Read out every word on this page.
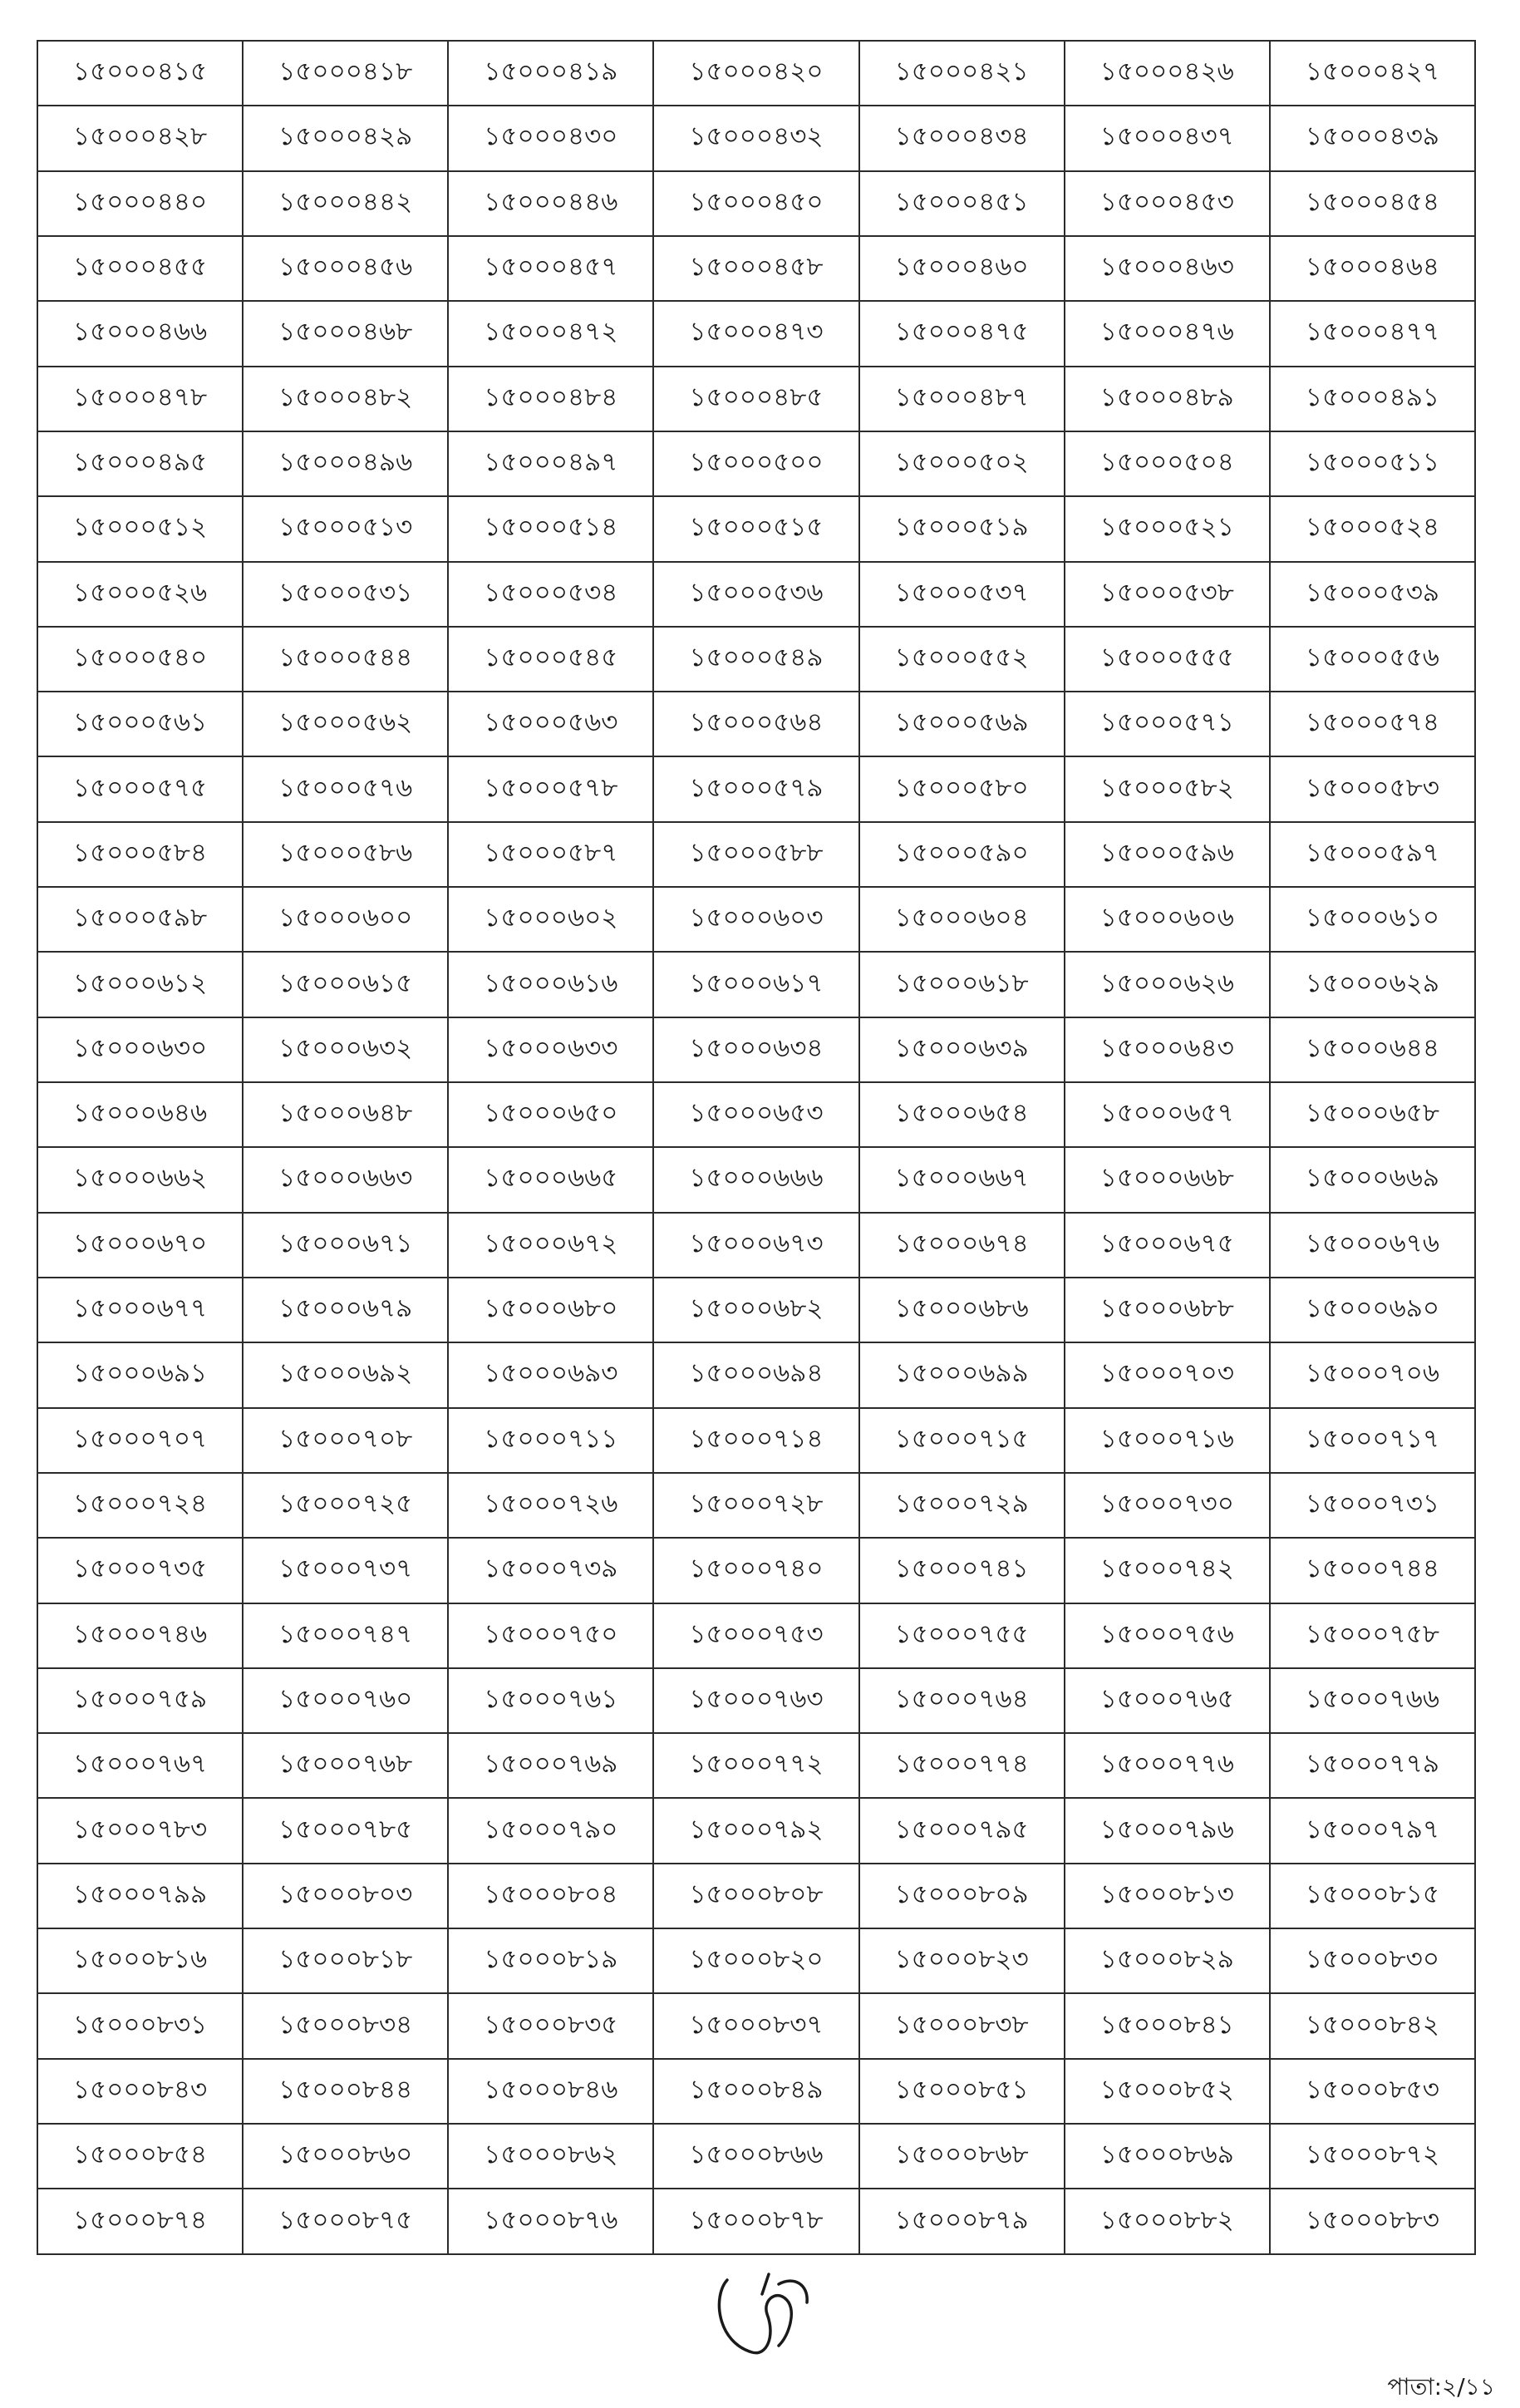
১৫০০০৪১৫	১৫০০০৪১৮	১৫০০০৪১৯	১৫০০০৪২০	১৫০০০৪২১	১৫০০০৪২৬	১৫০০০৪২৭
১৫০০০৪২৮	১৫০০০৪২৯	১৫০০০৪৩০	১৫০০০৪৩২	১৫০০০৪৩৪	১৫০০০৪৩৭	১৫০০০৪৩৯
১৫০০০৪৪০	১৫০০০৪৪২	১৫০০০৪৪৬	১৫০০০৪৫০	১৫০০০৪৫১	১৫০০০৪৫৩	১৫০০০৪৫৪
১৫০০০৪৫৫	১৫০০০৪৫৬	১৫০০০৪৫৭	১৫০০০৪৫৮	১৫০০০৪৬০	১৫০০০৪৬৩	১৫০০০৪৬৪
১৫০০০৪৬৬	১৫০০০৪৬৮	১৫০০০৪৭২	১৫০০০৪৭৩	১৫০০০৪৭৫	১৫০০০৪৭৬	১৫০০০৪৭৭
১৫০০০৪৭৮	১৫০০০৪৮২	১৫০০০৪৮৪	১৫০০০৪৮৫	১৫০০০৪৮৭	১৫০০০৪৮৯	১৫০০০৪৯১
১৫০০০৪৯৫	১৫০০০৪৯৬	১৫০০০৪৯৭	১৫০০০৫০০	১৫০০০৫০২	১৫০০০৫০৪	১৫০০০৫১১
১৫০০০৫১২	১৫০০০৫১৩	১৫০০০৫১৪	১৫০০০৫১৫	১৫০০০৫১৯	১৫০০০৫২১	১৫০০০৫২৪
১৫০০০৫২৬	১৫০০০৫৩১	১৫০০০৫৩৪	১৫০০০৫৩৬	১৫০০০৫৩৭	১৫০০০৫৩৮	১৫০০০৫৩৯
১৫০০০৫৪০	১৫০০০৫৪৪	১৫০০০৫৪৫	১৫০০০৫৪৯	১৫০০০৫৫২	১৫০০০৫৫৫	১৫০০০৫৫৬
১৫০০০৫৬১	১৫০০০৫৬২	১৫০০০৫৬৩	১৫০০০৫৬৪	১৫০০০৫৬৯	১৫০০০৫৭১	১৫০০০৫৭৪
১৫০০০৫৭৫	১৫০০০৫৭৬	১৫০০০৫৭৮	১৫০০০৫৭৯	১৫০০০৫৮০	১৫০০০৫৮২	১৫০০০৫৮৩
১৫০০০৫৮৪	১৫০০০৫৮৬	১৫০০০৫৮৭	১৫০০০৫৮৮	১৫০০০৫৯০	১৫০০০৫৯৬	১৫০০০৫৯৭
১৫০০০৫৯৮	১৫০০০৬০০	১৫০০০৬০২	১৫০০০৬০৩	১৫০০০৬০৪	১৫০০০৬০৬	১৫০০০৬১০
১৫০০০৬১২	১৫০০০৬১৫	১৫০০০৬১৬	১৫০০০৬১৭	১৫০০০৬১৮	১৫০০০৬২৬	১৫০০০৬২৯
১৫০০০৬৩০	১৫০০০৬৩২	১৫০০০৬৩৩	১৫০০০৬৩৪	১৫০০০৬৩৯	১৫০০০৬৪৩	১৫০০০৬৪৪
১৫০০০৬৪৬	১৫০০০৬৪৮	১৫০০০৬৫০	১৫০০০৬৫৩	১৫০০০৬৫৪	১৫০০০৬৫৭	১৫০০০৬৫৮
১৫০০০৬৬২	১৫০০০৬৬৩	১৫০০০৬৬৫	১৫০০০৬৬৬	১৫০০০৬৬৭	১৫০০০৬৬৮	১৫০০০৬৬৯
১৫০০০৬৭০	১৫০০০৬৭১	১৫০০০৬৭২	১৫০০০৬৭৩	১৫০০০৬৭৪	১৫০০০৬৭৫	১৫০০০৬৭৬
১৫০০০৬৭৭	১৫০০০৬৭৯	১৫০০০৬৮০	১৫০০০৬৮২	১৫০০০৬৮৬	১৫০০০৬৮৮	১৫০০০৬৯০
১৫০০০৬৯১	১৫০০০৬৯২	১৫০০০৬৯৩	১৫০০০৬৯৪	১৫০০০৬৯৯	১৫০০০৭০৩	১৫০০০৭০৬
১৫০০০৭০৭	১৫০০০৭০৮	১৫০০০৭১১	১৫০০০৭১৪	১৫০০০৭১৫	১৫০০০৭১৬	১৫০০০৭১৭
১৫০০০৭২৪	১৫০০০৭২৫	১৫০০০৭২৬	১৫০০০৭২৮	১৫০০০৭২৯	১৫০০০৭৩০	১৫০০০৭৩১
১৫০০০৭৩৫	১৫০০০৭৩৭	১৫০০০৭৩৯	১৫০০০৭৪০	১৫০০০৭৪১	১৫০০০৭৪২	১৫০০০৭৪৪
১৫০০০৭৪৬	১৫০০০৭৪৭	১৫০০০৭৫০	১৫০০০৭৫৩	১৫০০০৭৫৫	১৫০০০৭৫৬	১৫০০০৭৫৮
১৫০০০৭৫৯	১৫০০০৭৬০	১৫০০০৭৬১	১৫০০০৭৬৩	১৫০০০৭৬৪	১৫০০০৭৬৫	১৫০০০৭৬৬
১৫০০০৭৬৭	১৫০০০৭৬৮	১৫০০০৭৬৯	১৫০০০৭৭২	১৫০০০৭৭৪	১৫০০০৭৭৬	১৫০০০৭৭৯
১৫০০০৭৮৩	১৫০০০৭৮৫	১৫০০০৭৯০	১৫০০০৭৯২	১৫০০০৭৯৫	১৫০০০৭৯৬	১৫০০০৭৯৭
১৫০০০৭৯৯	১৫০০০৮০৩	১৫০০০৮০৪	১৫০০০৮০৮	১৫০০০৮০৯	১৫০০০৮১৩	১৫০০০৮১৫
১৫০০০৮১৬	১৫০০০৮১৮	১৫০০০৮১৯	১৫০০০৮২০	১৫০০০৮২৩	১৫০০০৮২৯	১৫০০০৮৩০
১৫০০০৮৩১	১৫০০০৮৩৪	১৫০০০৮৩৫	১৫০০০৮৩৭	১৫০০০৮৩৮	১৫০০০৮৪১	১৫০০০৮৪২
১৫০০০৮৪৩	১৫০০০৮৪৪	১৫০০০৮৪৬	১৫০০০৮৪৯	১৫০০০৮৫১	১৫০০০৮৫২	১৫০০০৮৫৩
১৫০০০৮৫৪	১৫০০০৮৬০	১৫০০০৮৬২	১৫০০০৮৬৬	১৫০০০৮৬৮	১৫০০০৮৬৯	১৫০০০৮৭২
১৫০০০৮৭৪	১৫০০০৮৭৫	১৫০০০৮৭৬	১৫০০০৮৭৮	১৫০০০৮৭৯	১৫০০০৮৮২	১৫০০০৮৮৩
পাতা:২/১১
